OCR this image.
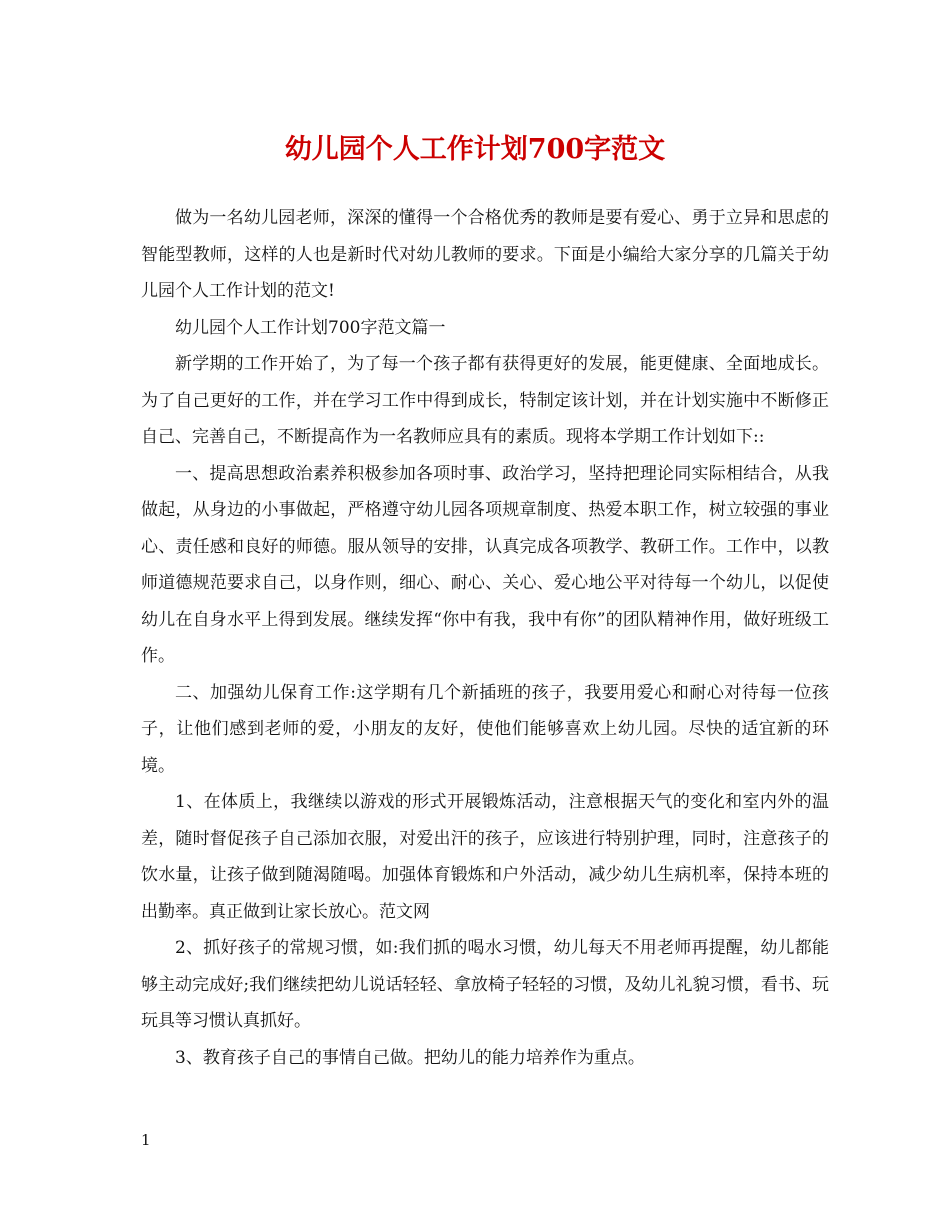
幼儿园个人工作计划700字范文

做为一名幼儿园老师，深深的懂得一个合格优秀的教师是要有爱心、勇于立异和思虑的智能型教师，这样的人也是新时代对幼儿教师的要求。下面是小编给大家分享的几篇关于幼儿园个人工作计划的范文!

幼儿园个人工作计划700字范文篇一

新学期的工作开始了，为了每一个孩子都有获得更好的发展，能更健康、全面地成长。为了自己更好的工作，并在学习工作中得到成长，特制定该计划，并在计划实施中不断修正自己、完善自己，不断提高作为一名教师应具有的素质。现将本学期工作计划如下::

一、提高思想政治素养积极参加各项时事、政治学习，坚持把理论同实际相结合，从我做起，从身边的小事做起，严格遵守幼儿园各项规章制度、热爱本职工作，树立较强的事业心、责任感和良好的师德。服从领导的安排，认真完成各项教学、教研工作。工作中，以教师道德规范要求自己，以身作则，细心、耐心、关心、爱心地公平对待每一个幼儿，以促使幼儿在自身水平上得到发展。继续发挥“你中有我，我中有你”的团队精神作用，做好班级工作。

二、加强幼儿保育工作:这学期有几个新插班的孩子，我要用爱心和耐心对待每一位孩子，让他们感到老师的爱，小朋友的友好，使他们能够喜欢上幼儿园。尽快的适宜新的环境。

1、在体质上，我继续以游戏的形式开展锻炼活动，注意根据天气的变化和室内外的温差，随时督促孩子自己添加衣服，对爱出汗的孩子，应该进行特别护理，同时，注意孩子的饮水量，让孩子做到随渴随喝。加强体育锻炼和户外活动，减少幼儿生病机率，保持本班的出勤率。真正做到让家长放心。范文网

2、抓好孩子的常规习惯，如:我们抓的喝水习惯，幼儿每天不用老师再提醒，幼儿都能够主动完成好;我们继续把幼儿说话轻轻、拿放椅子轻轻的习惯，及幼儿礼貌习惯，看书、玩玩具等习惯认真抓好。

3、教育孩子自己的事情自己做。把幼儿的能力培养作为重点。

1
